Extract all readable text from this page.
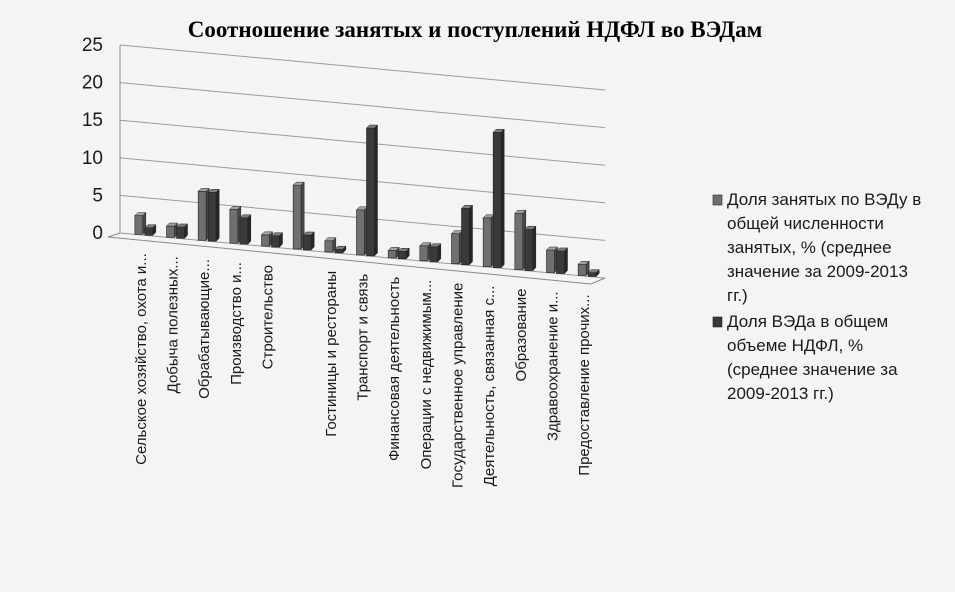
Соотношение занятых и поступлений НДФЛ во ВЭДам
0
5
10
15
20
25
Сельское хозяйство, охота и... Добыча полезных... Обрабатывающие... Производство и... Строительство	Гостиницы и рестораны Транспорт и связь Финансовая деятельность Операции с недвижимым... Государственное управление Деятельность, связанная с... Образование Здравоохранение и... Предоставление прочих...
Доля занятых по ВЭДу в общей численности занятых, % (среднее значение за 2009-2013 гг.)
Доля ВЭДа в общем объеме НДФЛ, % (среднее значение за 2009-2013 гг.)
